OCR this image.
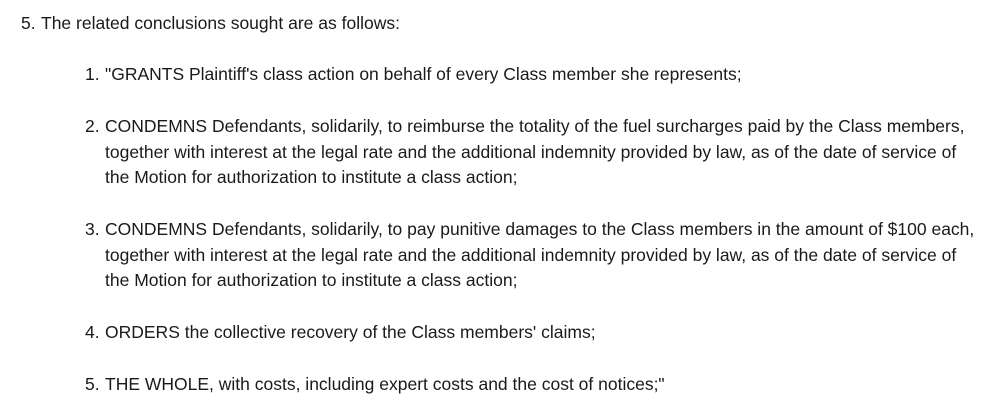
5. The related conclusions sought are as follows:
1. "GRANTS Plaintiff's class action on behalf of every Class member she represents;
2. CONDEMNS Defendants, solidarily, to reimburse the totality of the fuel surcharges paid by the Class members, together with interest at the legal rate and the additional indemnity provided by law, as of the date of service of the Motion for authorization to institute a class action;
3. CONDEMNS Defendants, solidarily, to pay punitive damages to the Class members in the amount of $100 each, together with interest at the legal rate and the additional indemnity provided by law, as of the date of service of the Motion for authorization to institute a class action;
4. ORDERS the collective recovery of the Class members' claims;
5. THE WHOLE, with costs, including expert costs and the cost of notices;"
